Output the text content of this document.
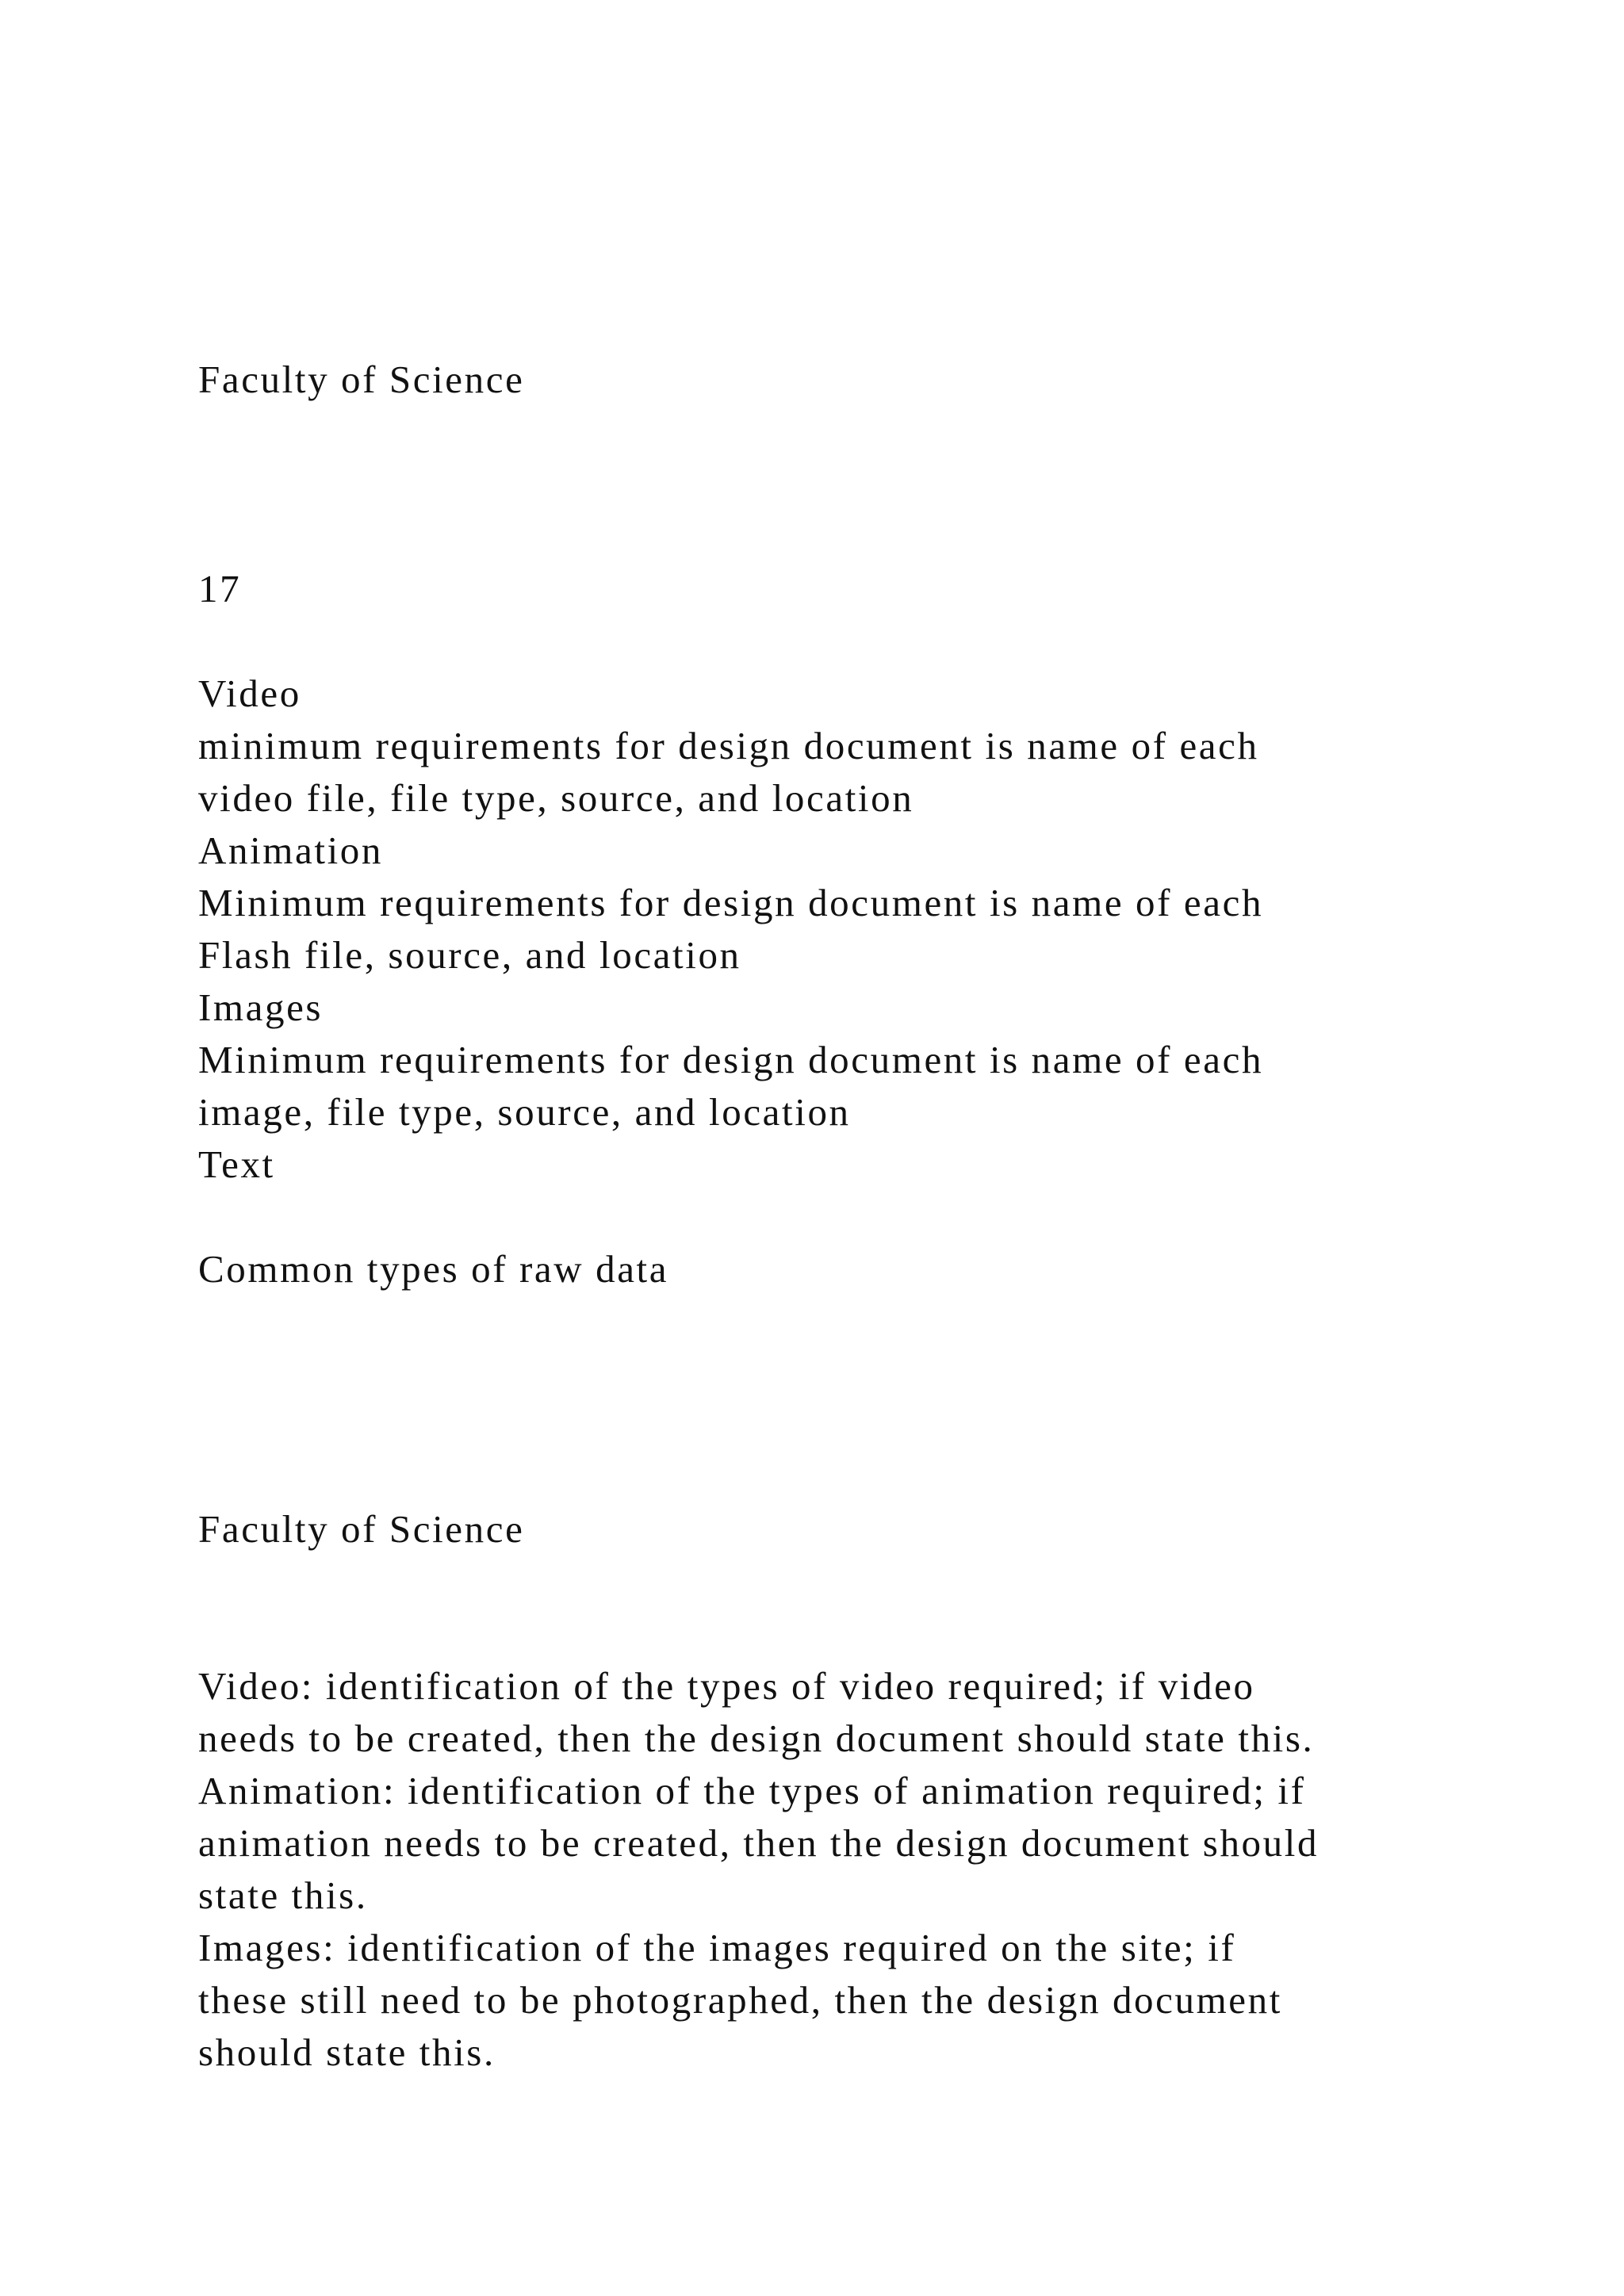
Faculty of Science

17

Video

minimum requirements for design document is name of each

video file, file type, source, and location

Animation

Minimum requirements for design document is name of each

Flash file, source, and location

Images

Minimum requirements for design document is name of each

image, file type, source, and location

Text

Common types of raw data

Faculty of Science

Video: identification of the types of video required; if video

needs to be created, then the design document should state this.

Animation: identification of the types of animation required; if

animation needs to be created, then the design document should

state this.

Images: identification of the images required on the site; if

these still need to be photographed, then the design document

should state this.
